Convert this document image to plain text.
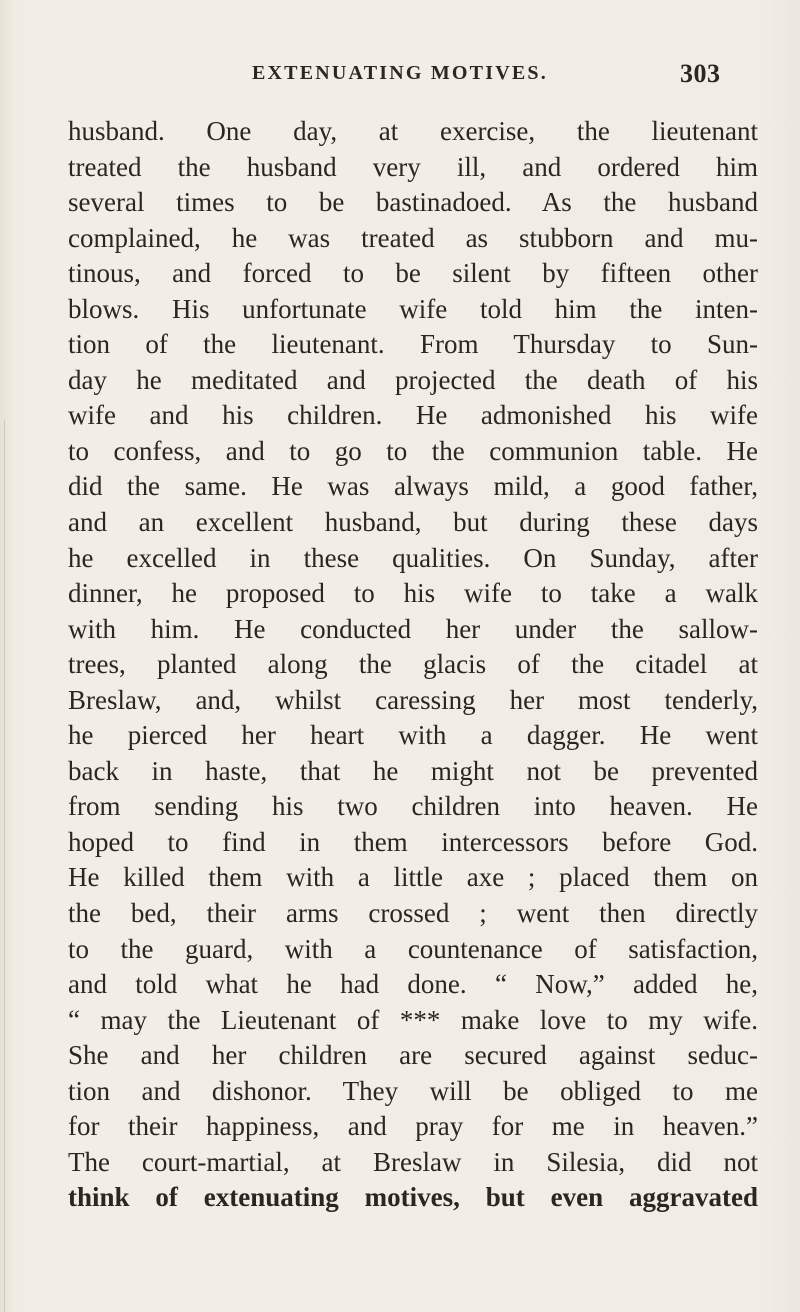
EXTENUATING MOTIVES.	303
husband. One day, at exercise, the lieutenant
treated the husband very ill, and ordered him
several times to be bastinadoed. As the husband
complained, he was treated as stubborn and mu-
tinous, and forced to be silent by fifteen other
blows. His unfortunate wife told him the inten-
tion of the lieutenant. From Thursday to Sun-
day he meditated and projected the death of his
wife and his children. He admonished his wife
to confess, and to go to the communion table. He
did the same. He was always mild, a good father,
and an excellent husband, but during these days
he excelled in these qualities. On Sunday, after
dinner, he proposed to his wife to take a walk
with him. He conducted her under the sallow-
trees, planted along the glacis of the citadel at
Breslaw, and, whilst caressing her most tenderly,
he pierced her heart with a dagger. He went
back in haste, that he might not be prevented
from sending his two children into heaven. He
hoped to find in them intercessors before God.
He killed them with a little axe ; placed them on
the bed, their arms crossed ; went then directly
to the guard, with a countenance of satisfaction,
and told what he had done. “ Now,” added he,
“ may the Lieutenant of *** make love to my wife.
She and her children are secured against seduc-
tion and dishonor. They will be obliged to me
for their happiness, and pray for me in heaven.”
The court-martial, at Breslaw in Silesia, did not
think of extenuating motives, but even aggravated
